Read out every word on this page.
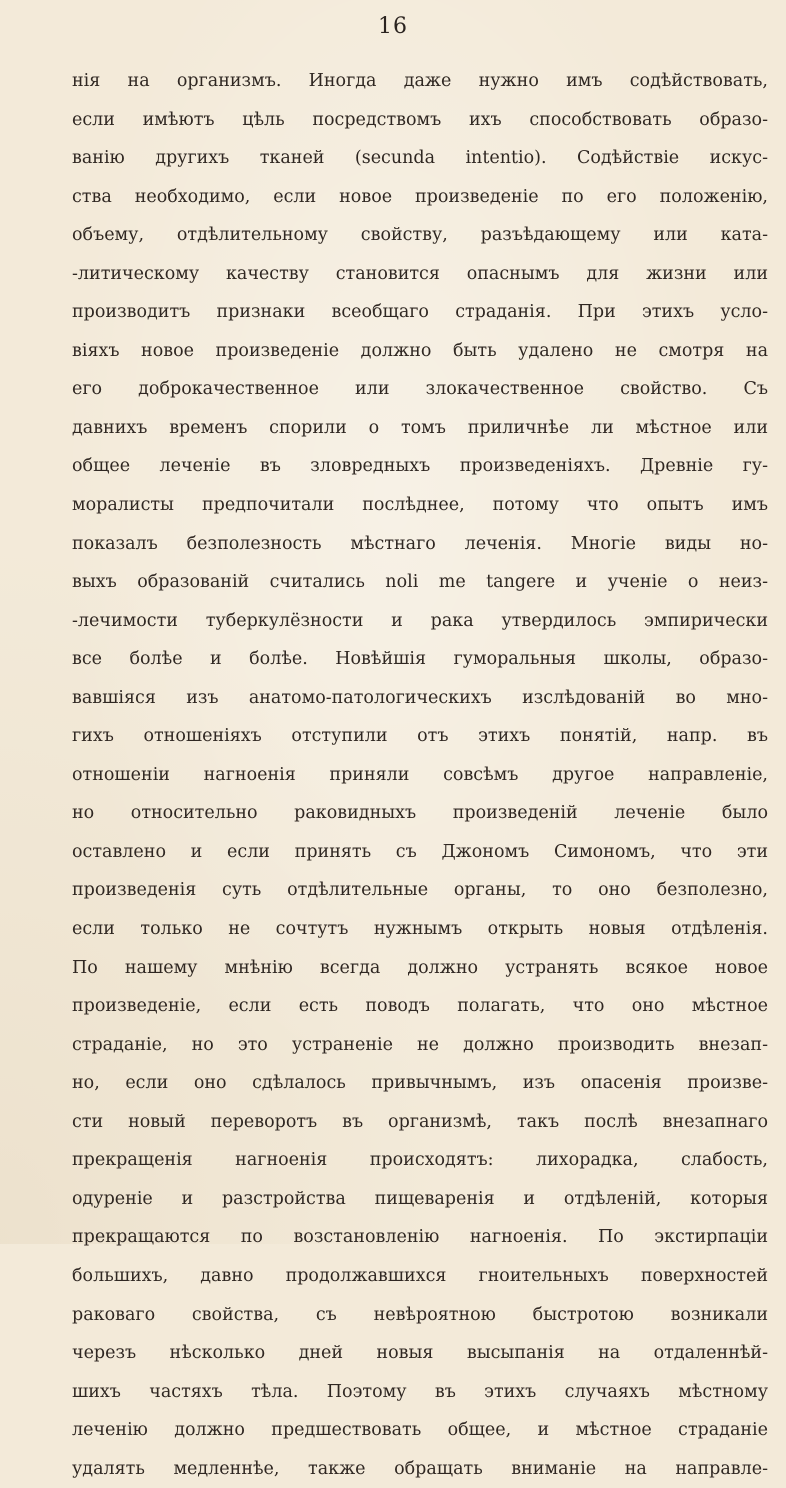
16
нія на организмъ. Иногда даже нужно имъ содѣйствовать,
если имѣютъ цѣль посредствомъ ихъ способствовать образо-
ванію другихъ тканей (secunda intentio). Содѣйствіе искус-
ства необходимо, если новое произведеніе по его положенію,
объему, отдѣлительному свойству, разъѣдающему или ката-
-литическому качеству становится опаснымъ для жизни или
производитъ признаки всеобщаго страданія. При этихъ усло-
віяхъ новое произведеніе должно быть удалено не смотря на
его доброкачественное или злокачественное свойство. Съ
давнихъ временъ спорили о томъ приличнѣе ли мѣстное или
общее леченіе въ зловредныхъ произведеніяхъ. Древніе гу-
моралисты предпочитали послѣднее, потому что опытъ имъ
показалъ безполезность мѣстнаго леченія. Многіе виды но-
выхъ образованій считались noli me tangere и ученіе о неиз-
-лечимости туберкулёзности и рака утвердилось эмпирически
все болѣе и болѣе. Новѣйшія гуморальныя школы, образо-
вавшіяся изъ анатомо-патологическихъ изслѣдованій во мно-
гихъ отношеніяхъ отступили отъ этихъ понятій, напр. въ
отношеніи нагноенія приняли совсѣмъ другое направленіе,
но относительно раковидныхъ произведеній леченіе было
оставлено и если принять съ Джономъ Симономъ, что эти
произведенія суть отдѣлительные органы, то оно безполезно,
если только не сочтутъ нужнымъ открыть новыя отдѣленія.
По нашему мнѣнію всегда должно устранять всякое новое
произведеніе, если есть поводъ полагать, что оно мѣстное
страданіе, но это устраненіе не должно производить внезап-
но, если оно сдѣлалось привычнымъ, изъ опасенія произве-
сти новый переворотъ въ организмѣ, такъ послѣ внезапнаго
прекращенія нагноенія происходятъ: лихорадка, слабость,
одуреніе и разстройства пищеваренія и отдѣленій, которыя
прекращаются по возстановленію нагноенія. По экстирпаціи
большихъ, давно продолжавшихся гноительныхъ поверхностей
раковаго свойства, съ невѣроятною быстротою возникали
черезъ нѣсколько дней новыя высыпанія на отдаленнѣй-
шихъ частяхъ тѣла. Поэтому въ этихъ случаяхъ мѣстному
леченію должно предшествовать общее, и мѣстное страданіе
удалять медленнѣе, также обращать вниманіе на направле-
